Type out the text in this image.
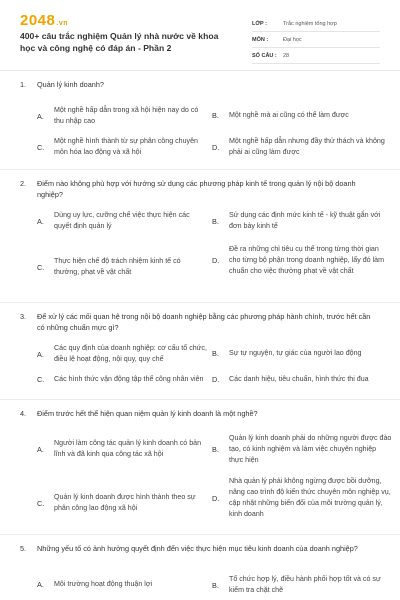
2048.vn
400+ câu trắc nghiệm Quản lý nhà nước về khoa học và công nghệ có đáp án - Phần 2
LỚP :	Trắc nghiệm tổng hợp
MÔN :	Đại học
SỐ CÂU :	28
1. Quản lý kinh doanh?
A.
Một nghề hấp dẫn trong xã hội hiện nay do có thu nhập cao
B.	Một nghề mà ai cũng có thể làm được
C.
Một nghề hình thành từ sự phân công chuyên môn hóa lao động và xã hội
D.
Một nghề hấp dẫn nhưng đầy thử thách và không phải ai cũng làm được
2. Điểm nào không phù hợp với hướng sử dụng các phương pháp kinh tế trong quản lý nội bộ doanh nghiệp?
A.
Dùng uy lực, cưỡng chế việc thực hiện các quyết định quản lý
B.
Sử dụng các định mức kinh tế - kỹ thuật gắn với đơn bảy kinh tế
C.
Thực hiện chế độ trách nhiệm kinh tế có thưởng, phạt về vật chất
D.
Đề ra những chỉ tiêu cụ thể trong từng thời gian cho từng bộ phận trong doanh nghiệp, lấy đó làm chuẩn cho việc thưởng phạt về vật chất
3. Để xử lý các mối quan hệ trong nội bộ doanh nghiệp bằng các phương pháp hành chính, trước hết cần có những chuẩn mực gì?
A.
Các quy định của doanh nghiệp: cơ cấu tổ chức, điều lệ hoạt động, nội quy, quy chế
B.	Sự tự nguyện, tự giác của người lao động
C.	Các hình thức vận động tập thể công nhân viên D.	Các danh hiệu, tiêu chuẩn, hình thức thi đua
4. Điểm trước hết thể hiện quan niệm quản lý kinh doanh là một nghề?
A.
Người làm công tác quản lý kinh doanh có bản lĩnh và đã kinh qua công tác xã hội	B.
Quản lý kinh doanh phải do những người được đào tạo, có kinh nghiệm và làm việc chuyên nghiệp thực hiện
C.
Quản lý kinh doanh được hình thành theo sự phân công lao động xã hội
D.
Nhà quản lý phải không ngừng được bồi dưỡng, nâng cao trình độ kiến thức chuyên môn nghiệp vụ, cập nhật những biến đổi của môi trường quản lý, kinh doanh
5. Những yếu tố có ảnh hưởng quyết định đến việc thực hiện mục tiêu kinh doanh của doanh nghiệp?
A.	Môi trường hoạt động thuận lợi	B.
Tổ chức hợp lý, điều hành phối hợp tốt và có sự kiểm tra chặt chẽ
